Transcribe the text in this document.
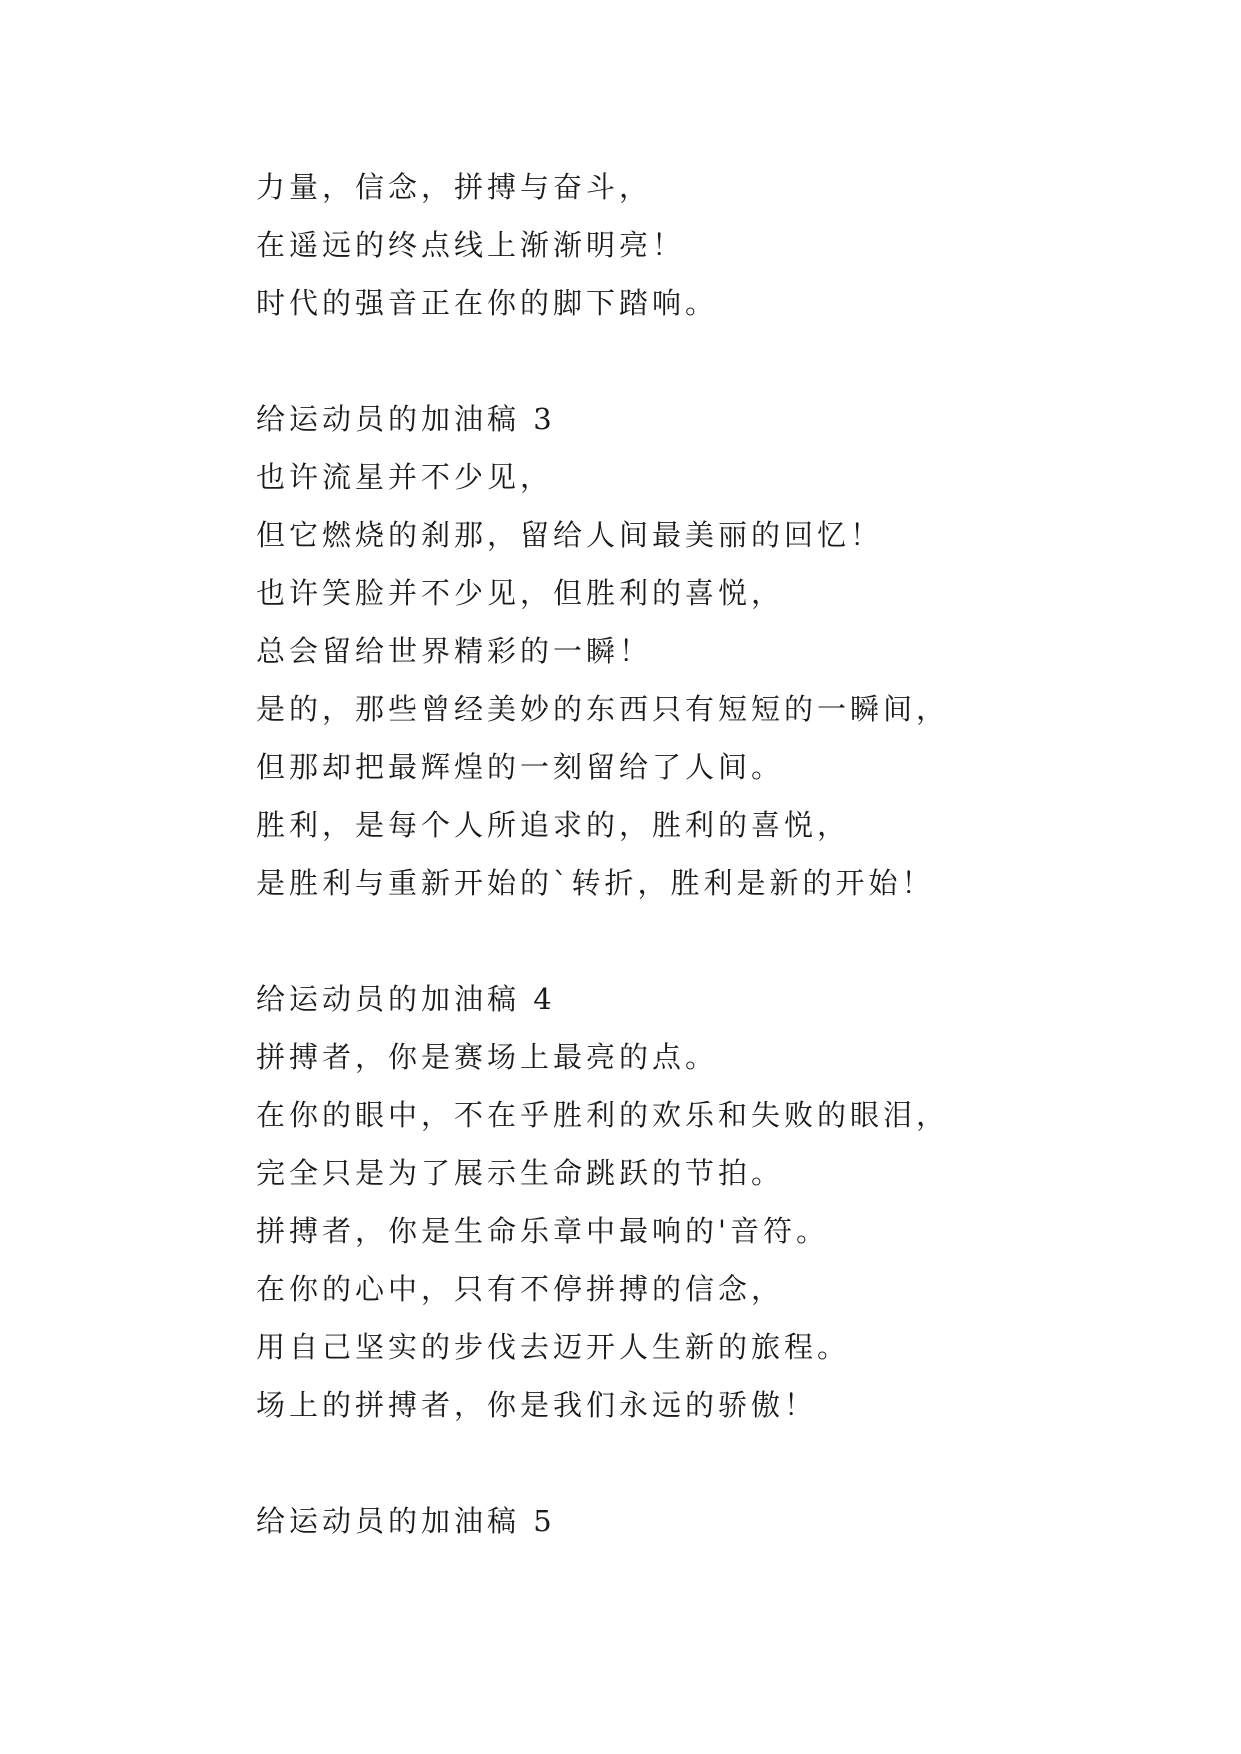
力量，信念，拼搏与奋斗，
在遥远的终点线上渐渐明亮！
时代的强音正在你的脚下踏响。
给运动员的加油稿 3
也许流星并不少见，
但它燃烧的刹那，留给人间最美丽的回忆！
也许笑脸并不少见，但胜利的喜悦，
总会留给世界精彩的一瞬！
是的，那些曾经美妙的东西只有短短的一瞬间，
但那却把最辉煌的一刻留给了人间。
胜利，是每个人所追求的，胜利的喜悦，
是胜利与重新开始的`转折，胜利是新的开始！
给运动员的加油稿 4
拼搏者，你是赛场上最亮的点。
在你的眼中，不在乎胜利的欢乐和失败的眼泪，
完全只是为了展示生命跳跃的节拍。
拼搏者，你是生命乐章中最响的'音符。
在你的心中，只有不停拼搏的信念，
用自己坚实的步伐去迈开人生新的旅程。
场上的拼搏者，你是我们永远的骄傲！
给运动员的加油稿 5
